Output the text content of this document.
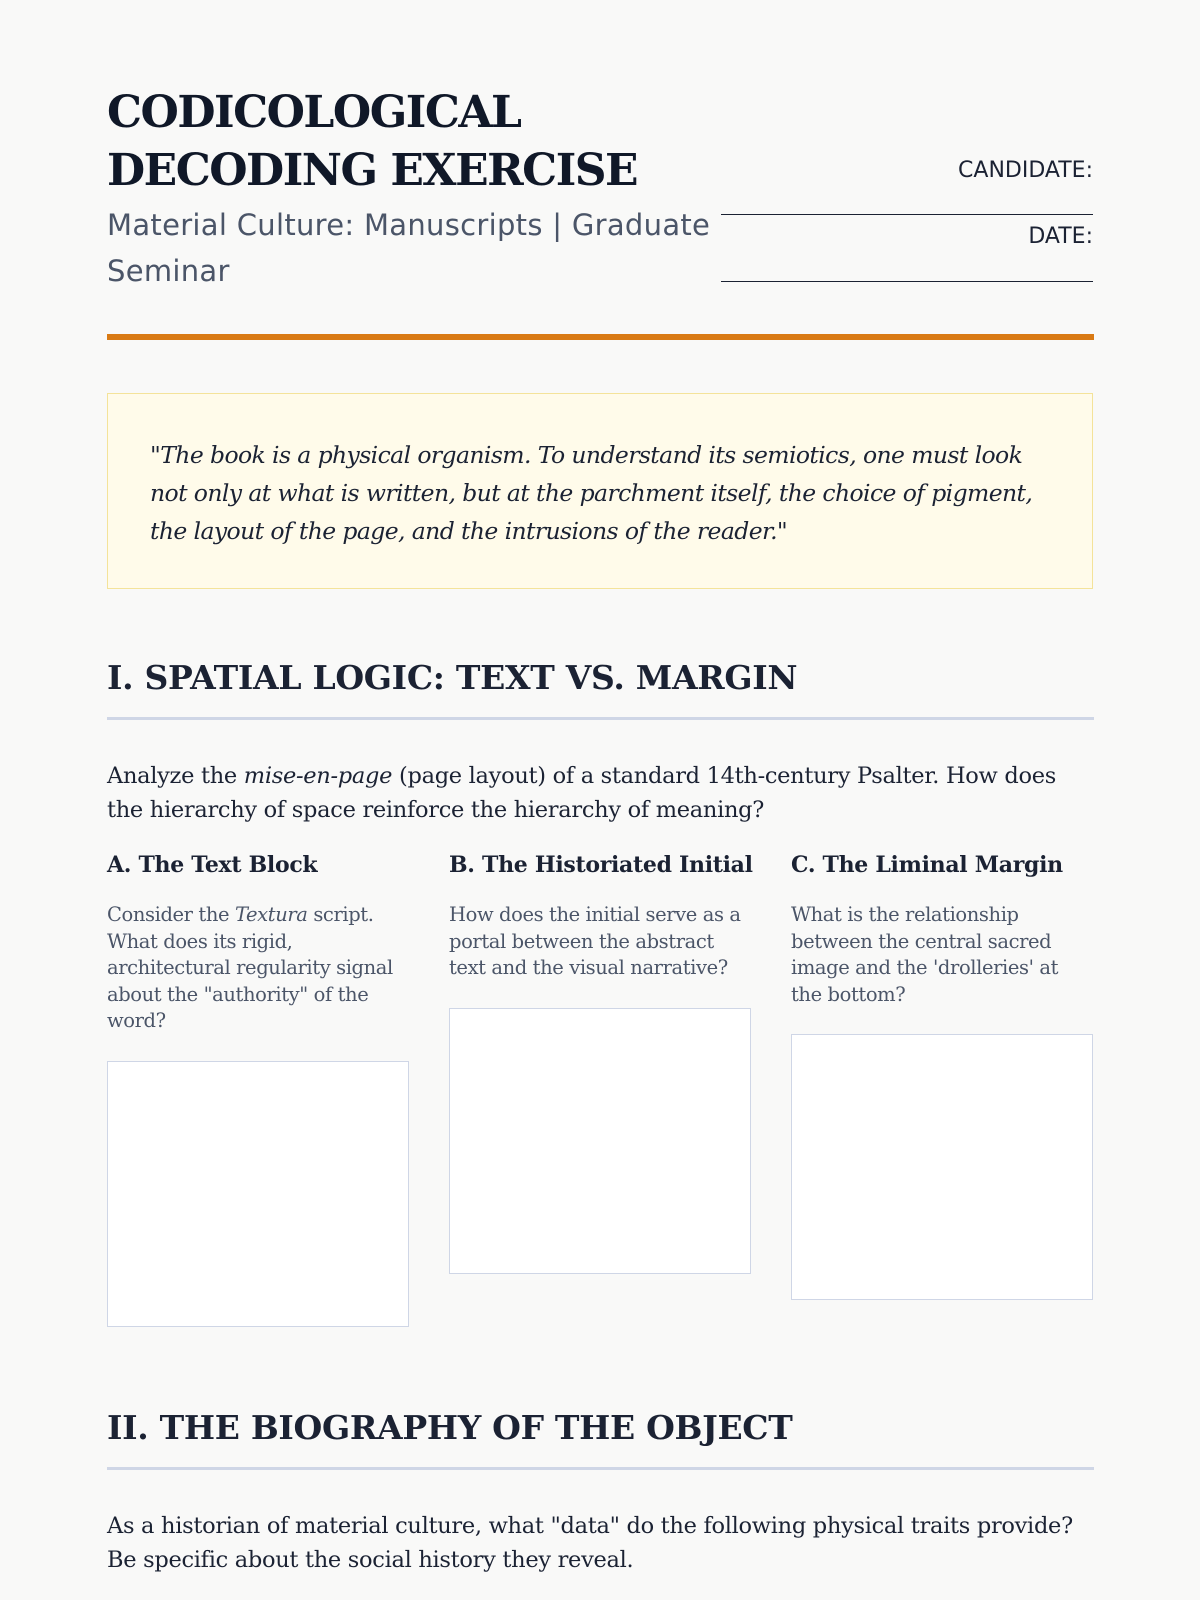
CODICOLOGICAL
DECODING EXERCISE
Material Culture: Manuscripts | Graduate Seminar
CANDIDATE:
DATE:
"The book is a physical organism. To understand its semiotics, one must look not only at what is written, but at the parchment itself, the choice of pigment, the layout of the page, and the intrusions of the reader."
I. SPATIAL LOGIC: TEXT VS. MARGIN
Analyze the mise-en-page (page layout) of a standard 14th-century Psalter. How does the hierarchy of space reinforce the hierarchy of meaning?
A. The Text Block
Consider the Textura script. What does its rigid, architectural regularity signal about the "authority" of the word?
B. The Historiated Initial
How does the initial serve as a portal between the abstract text and the visual narrative?
C. The Liminal Margin
What is the relationship between the central sacred image and the 'drolleries' at the bottom?
II. THE BIOGRAPHY OF THE OBJECT
As a historian of material culture, what "data" do the following physical traits provide? Be specific about the social history they reveal.
